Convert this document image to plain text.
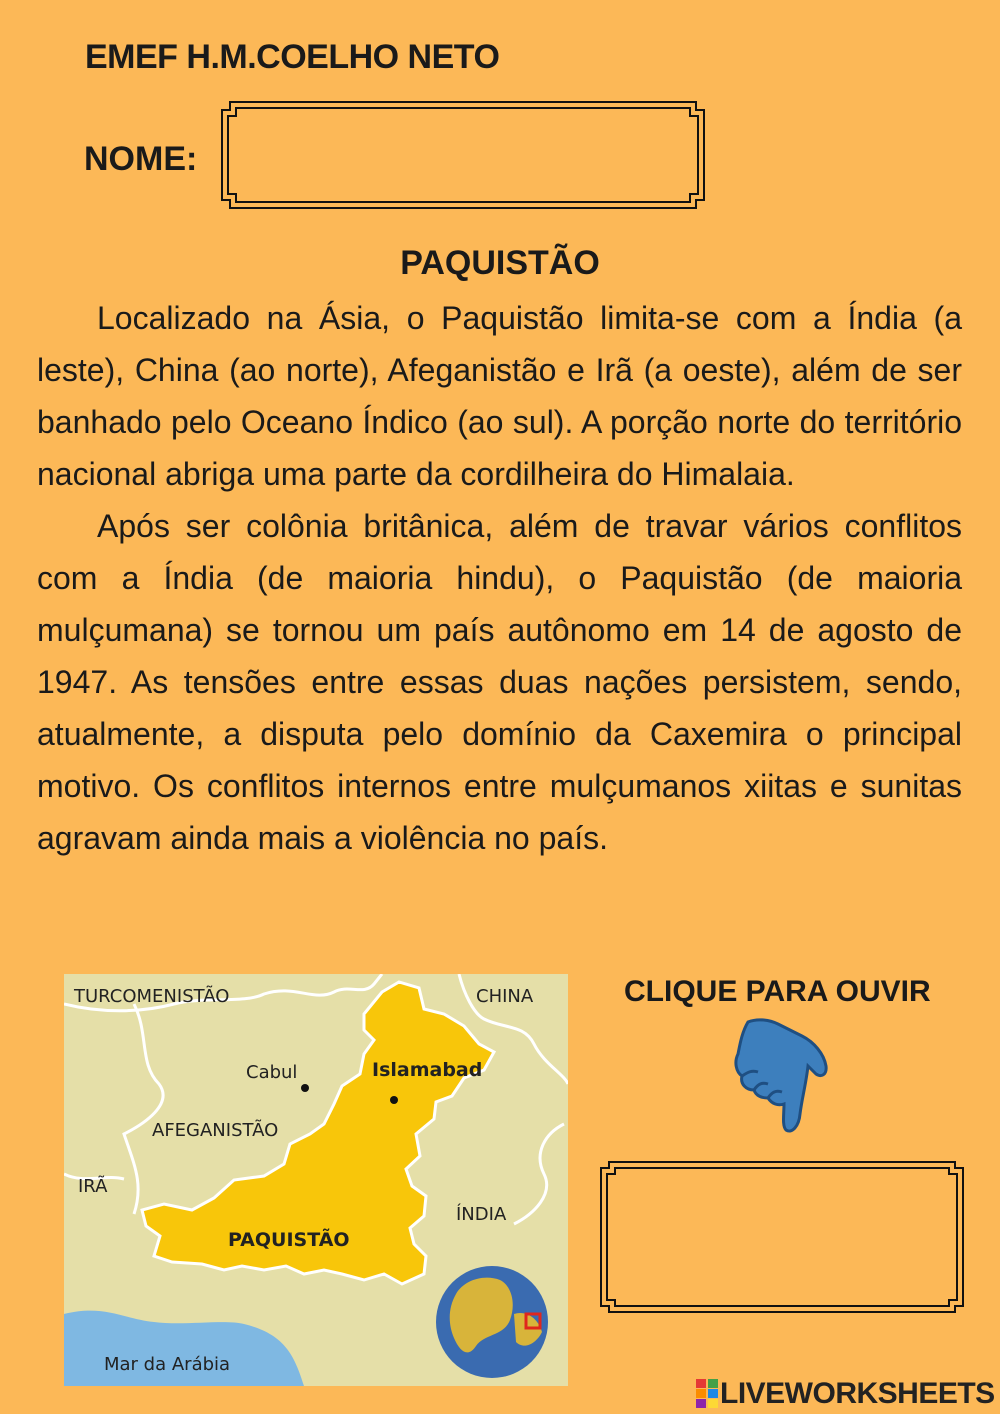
EMEF H.M.COELHO NETO
NOME:
PAQUISTÃO

Localizado na Ásia, o Paquistão limita-se com a Índia (a leste), China (ao norte), Afeganistão e Irã (a oeste), além de ser banhado pelo Oceano Índico (ao sul). A porção norte do território nacional abriga uma parte da cordilheira do Himalaia.

Após ser colônia britânica, além de travar vários conflitos com a Índia (de maioria hindu), o Paquistão (de maioria mulçumana) se tornou um país autônomo em 14 de agosto de 1947. As tensões entre essas duas nações persistem, sendo, atualmente, a disputa pelo domínio da Caxemira o principal motivo. Os conflitos internos entre mulçumanos xiitas e sunitas agravam ainda mais a violência no país.

TURCOMENISTÃO	CHINA
Cabul
AFEGANISTÃO
IRÃ
ÍNDIA
Mar da Arábia
Islamabad
PAQUISTÃO
CLIQUE PARA OUVIR
LIVEWORKSHEETS
